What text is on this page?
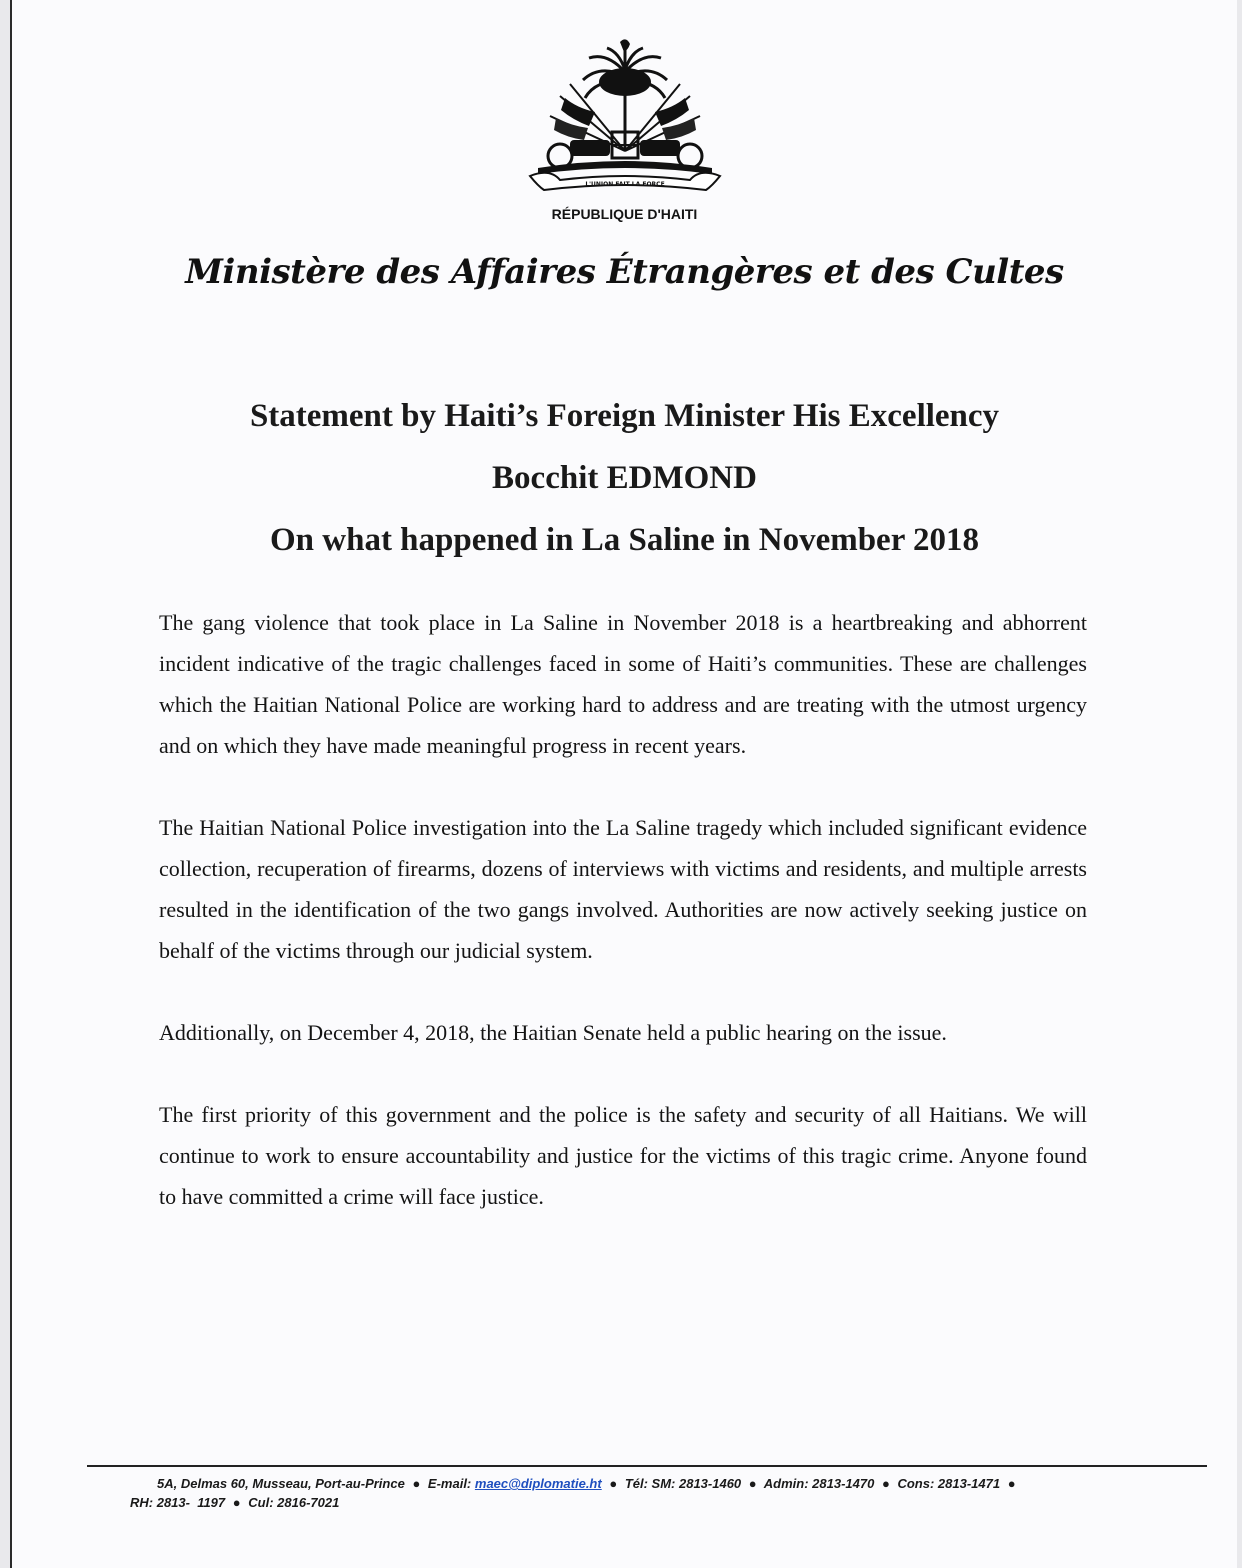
L'UNION FAIT LA FORCE
RÉPUBLIQUE D'HAITI
Ministère des Affaires Étrangères et des Cultes
Statement by Haiti’s Foreign Minister His Excellency
Bocchit EDMOND
On what happened in La Saline in November 2018

The gang violence that took place in La Saline in November 2018 is a heartbreaking and abhorrent incident indicative of the tragic challenges faced in some of Haiti’s communities. These are challenges which the Haitian National Police are working hard to address and are treating with the utmost urgency and on which they have made meaningful progress in recent years.

The Haitian National Police investigation into the La Saline tragedy which included significant evidence collection, recuperation of firearms, dozens of interviews with victims and residents, and multiple arrests resulted in the identification of the two gangs involved. Authorities are now actively seeking justice on behalf of the victims through our judicial system.

Additionally, on December 4, 2018, the Haitian Senate held a public hearing on the issue.

The first priority of this government and the police is the safety and security of all Haitians. We will continue to work to ensure accountability and justice for the victims of this tragic crime. Anyone found to have committed a crime will face justice.

5A, Delmas 60, Musseau, Port-au-Prince ● E-mail: maec@diplomatie.ht ● Tél: SM: 2813-1460 ● Admin: 2813-1470 ● Cons: 2813-1471 ●
RH: 2813-  1197 ● Cul: 2816-7021
